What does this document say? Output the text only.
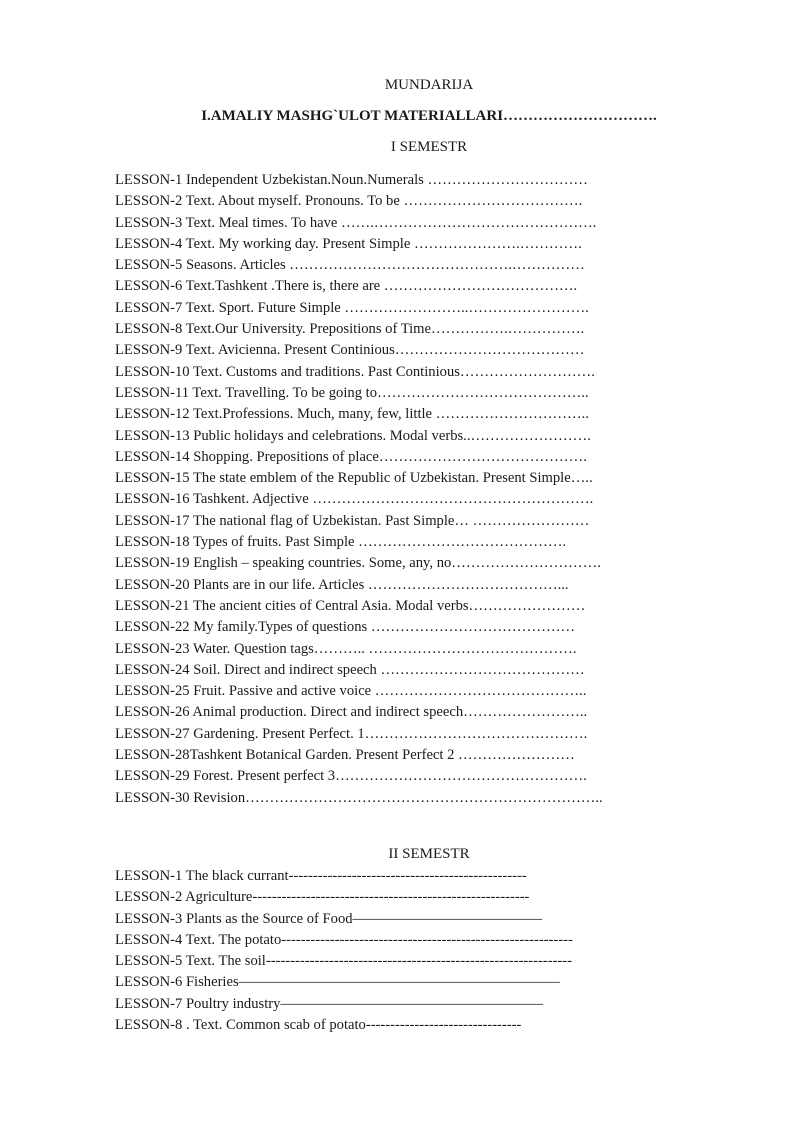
MUNDARIJA
I.AMALIY MASHG`ULOT MATERIALLARI………………………….
I SEMESTR
LESSON-1 Independent Uzbekistan.Noun.Numerals ……………………………
LESSON-2 Text. About myself. Pronouns. To be ……………………………….
LESSON-3 Text. Meal times. To have …….……………………………………….
LESSON-4 Text. My working day. Present Simple ………………….………….
LESSON-5 Seasons. Articles ……………………………………….……………
LESSON-6 Text.Tashkent .There is, there are ………………………………….
LESSON-7 Text. Sport. Future Simple ……………………..…………………….
LESSON-8 Text.Our University. Prepositions of Time…………….…………….
LESSON-9 Text. Avicienna. Present Continious…………………………………
LESSON-10 Text. Customs and traditions. Past Continious……………………….
LESSON-11 Text. Travelling. To be going to……………………………………..
LESSON-12 Text.Professions. Much, many, few, little …………………………..
LESSON-13 Public holidays and celebrations. Modal verbs..…………………….
LESSON-14 Shopping. Prepositions of place…………………………………….
LESSON-15 The state emblem of the Republic of Uzbekistan. Present Simple…..
LESSON-16 Tashkent. Adjective ………………………………………………….
LESSON-17 The national flag of Uzbekistan. Past Simple… ……………………
LESSON-18 Types of fruits. Past Simple …………………………………….
LESSON-19 English – speaking countries. Some, any, no………………………….
LESSON-20 Plants are in our life. Articles …………………………………...
LESSON-21 The ancient cities of Central Asia. Modal verbs……………………
LESSON-22 My family.Types of questions ……………………………………
LESSON-23 Water. Question tags……….. …………………………………….
LESSON-24 Soil. Direct and indirect speech ……………………………………
LESSON-25 Fruit. Passive and active voice ……………………………………..
LESSON-26 Animal production. Direct and indirect speech……………………..
LESSON-27 Gardening. Present Perfect. 1……………………………………….
LESSON-28Tashkent Botanical Garden. Present Perfect 2 ……………………
LESSON-29 Forest. Present perfect 3…………………………………………….
LESSON-30 Revision………………………………………………………………..
II SEMESTR
LESSON-1 The black currant-------------------------------------------------
LESSON-2 Agriculture---------------------------------------------------------
LESSON-3 Plants as the Source of Food—————————————
LESSON-4 Text. The potato------------------------------------------------------------
LESSON-5 Text. The soil---------------------------------------------------------------
LESSON-6 Fisheries——————————————————————
LESSON-7 Poultry industry——————————————————
LESSON-8 . Text. Common scab of potato--------------------------------
